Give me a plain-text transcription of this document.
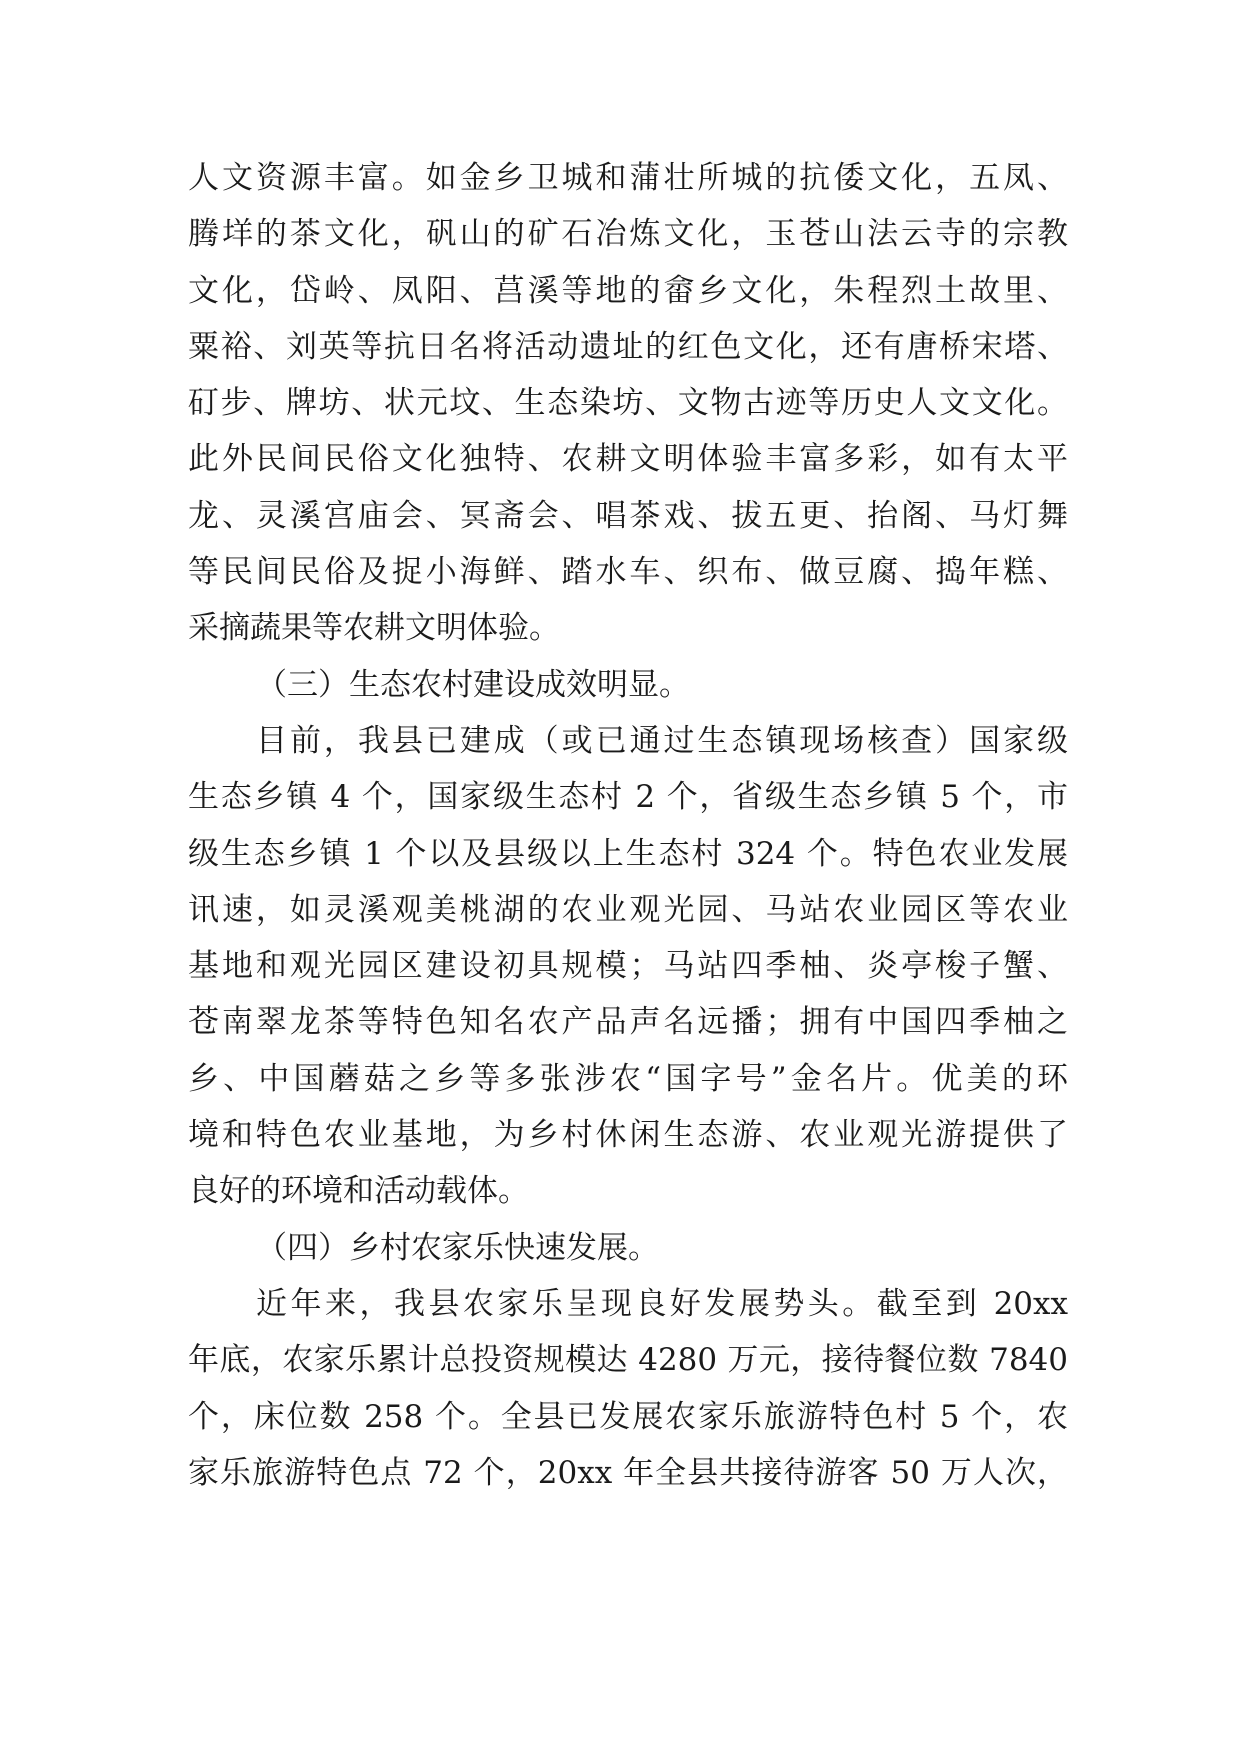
人文资源丰富。如金乡卫城和蒲壮所城的抗倭文化，五凤、
腾垟的茶文化，矾山的矿石冶炼文化，玉苍山法云寺的宗教
文化，岱岭、凤阳、莒溪等地的畲乡文化，朱程烈土故里、
粟裕、刘英等抗日名将活动遗址的红色文化，还有唐桥宋塔、
矴步、牌坊、状元坟、生态染坊、文物古迹等历史人文文化。
此外民间民俗文化独特、农耕文明体验丰富多彩，如有太平
龙、灵溪宫庙会、冥斋会、唱茶戏、拔五更、抬阁、马灯舞
等民间民俗及捉小海鲜、踏水车、织布、做豆腐、捣年糕、
采摘蔬果等农耕文明体验。
（三）生态农村建设成效明显。
目前，我县已建成（或已通过生态镇现场核查）国家级
生态乡镇 4 个，国家级生态村 2 个，省级生态乡镇 5 个，市
级生态乡镇 1 个以及县级以上生态村 324 个。特色农业发展
讯速，如灵溪观美桃湖的农业观光园、马站农业园区等农业
基地和观光园区建设初具规模；马站四季柚、炎亭梭子蟹、
苍南翠龙茶等特色知名农产品声名远播；拥有中国四季柚之
乡、中国蘑菇之乡等多张涉农“国字号”金名片。优美的环
境和特色农业基地，为乡村休闲生态游、农业观光游提供了
良好的环境和活动载体。
（四）乡村农家乐快速发展。
近年来，我县农家乐呈现良好发展势头。截至到 20xx
年底，农家乐累计总投资规模达 4280 万元，接待餐位数 7840
个，床位数 258 个。全县已发展农家乐旅游特色村 5 个，农
家乐旅游特色点 72 个，20xx 年全县共接待游客 50 万人次，
